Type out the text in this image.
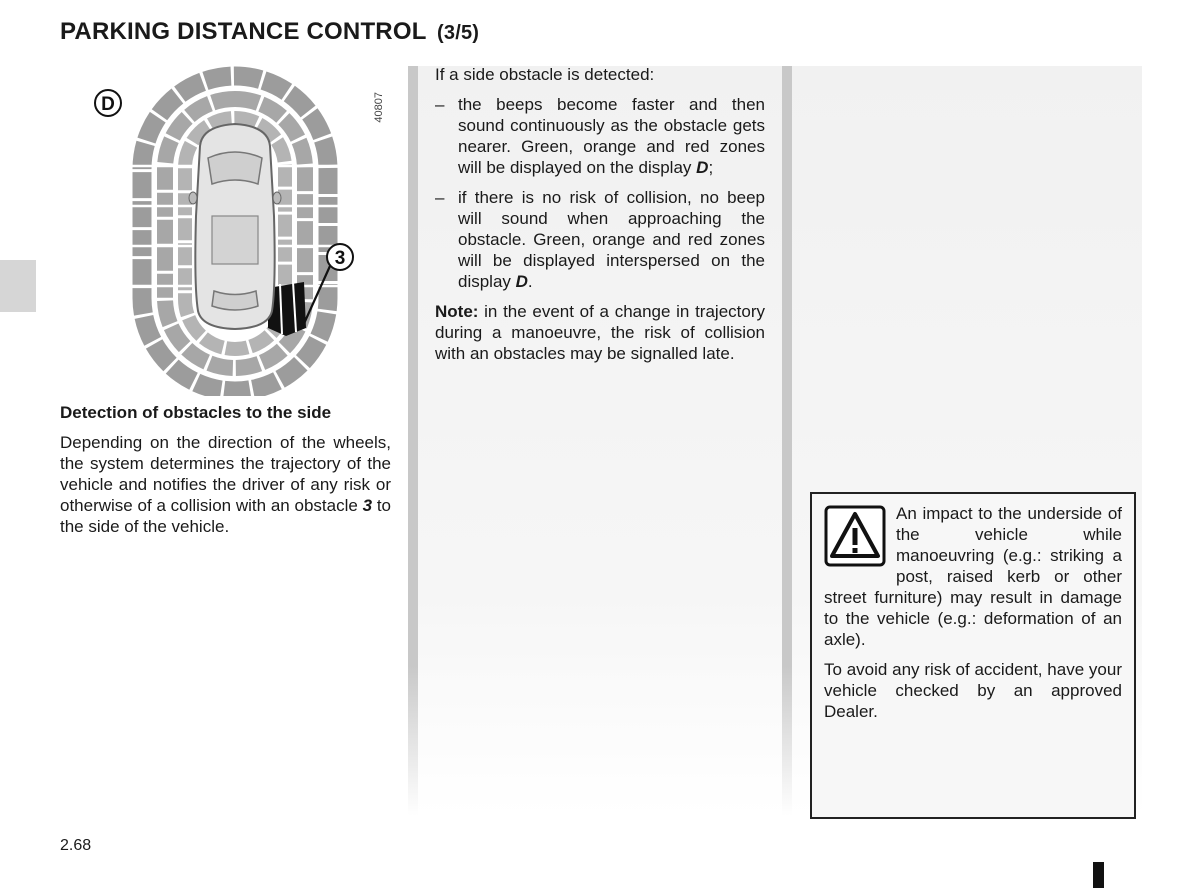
PARKING DISTANCE CONTROL (3/5)
3
D	40807

Detection of obstacles to the side

Depending on the direction of the wheels, the system determines the trajectory of the vehicle and notifies the driver of any risk or otherwise of a collision with an obstacle 3 to the side of the vehicle.

If a side obstacle is detected:

– the beeps become faster and then sound continuously as the obstacle gets nearer. Green, orange and red zones will be displayed on the display D;
– if there is no risk of collision, no beep will sound when approaching the obstacle. Green, orange and red zones will be displayed interspersed on the display D.

Note: in the event of a change in trajectory during a manoeuvre, the risk of collision with an obstacles may be signalled late.

An impact to the underside of the vehicle while manoeuvring (e.g.: striking a post, raised kerb or other street furniture) may result in damage to the vehicle (e.g.: deformation of an axle).

To avoid any risk of accident, have your vehicle checked by an approved Dealer.

2.68
